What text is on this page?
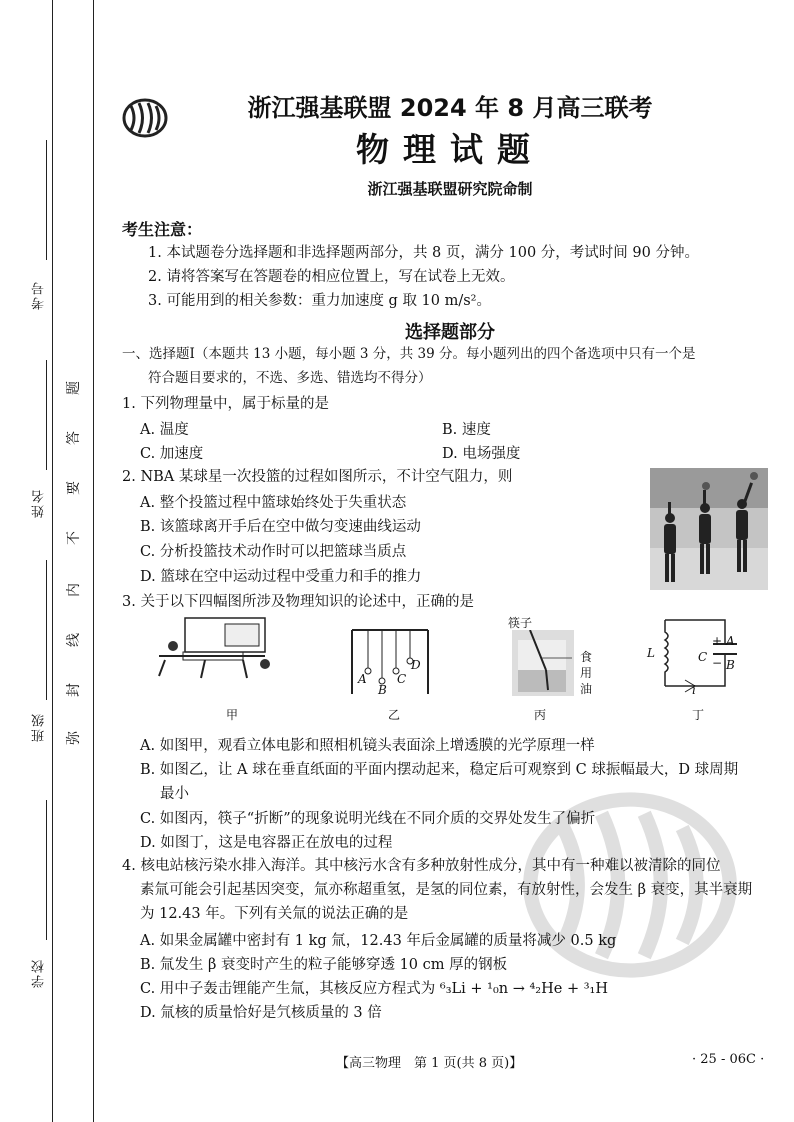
考号
姓名
班级
学校
题
答
要
不
内
线
封
弥
浙江强基联盟 2024 年 8 月高三联考
物理试题
浙江强基联盟研究院命制
考生注意：
1. 本试题卷分选择题和非选择题两部分，共 8 页，满分 100 分，考试时间 90 分钟。
2. 请将答案写在答题卷的相应位置上，写在试卷上无效。
3. 可能用到的相关参数：重力加速度 g 取 10 m/s²。
选择题部分
一、选择题Ⅰ（本题共 13 小题，每小题 3 分，共 39 分。每小题列出的四个备选项中只有一个是
符合题目要求的，不选、多选、错选均不得分）
1. 下列物理量中，属于标量的是
A. 温度	B. 速度
C. 加速度	D. 电场强度
2. NBA 某球星一次投篮的过程如图所示，不计空气阻力，则
A. 整个投篮过程中篮球始终处于失重状态
B. 该篮球离开手后在空中做匀变速曲线运动
C. 分析投篮技术动作时可以把篮球当质点
D. 篮球在空中运动过程中受重力和手的推力
3. 关于以下四幅图所涉及物理知识的论述中，正确的是
甲
A
B
C
D
乙
筷子
食
用
油
丙
L	C
+
−
A
B
i
丁
A. 如图甲，观看立体电影和照相机镜头表面涂上增透膜的光学原理一样
B. 如图乙，让 A 球在垂直纸面的平面内摆动起来，稳定后可观察到 C 球振幅最大，D 球周期
最小
C. 如图丙，筷子“折断”的现象说明光线在不同介质的交界处发生了偏折
D. 如图丁，这是电容器正在放电的过程
4. 核电站核污染水排入海洋。其中核污水含有多种放射性成分，其中有一种难以被清除的同位
素氚可能会引起基因突变，氚亦称超重氢，是氢的同位素，有放射性，会发生 β 衰变，其半衰期
为 12.43 年。下列有关氚的说法正确的是
A. 如果金属罐中密封有 1 kg 氚，12.43 年后金属罐的质量将减少 0.5 kg
B. 氚发生 β 衰变时产生的粒子能够穿透 10 cm 厚的钢板
C. 用中子轰击锂能产生氚，其核反应方程式为 ⁶₃Li + ¹₀n → ⁴₂He + ³₁H
D. 氚核的质量恰好是氕核质量的 3 倍
【高三物理　第 1 页(共 8 页)】	· 25 - 06C ·
